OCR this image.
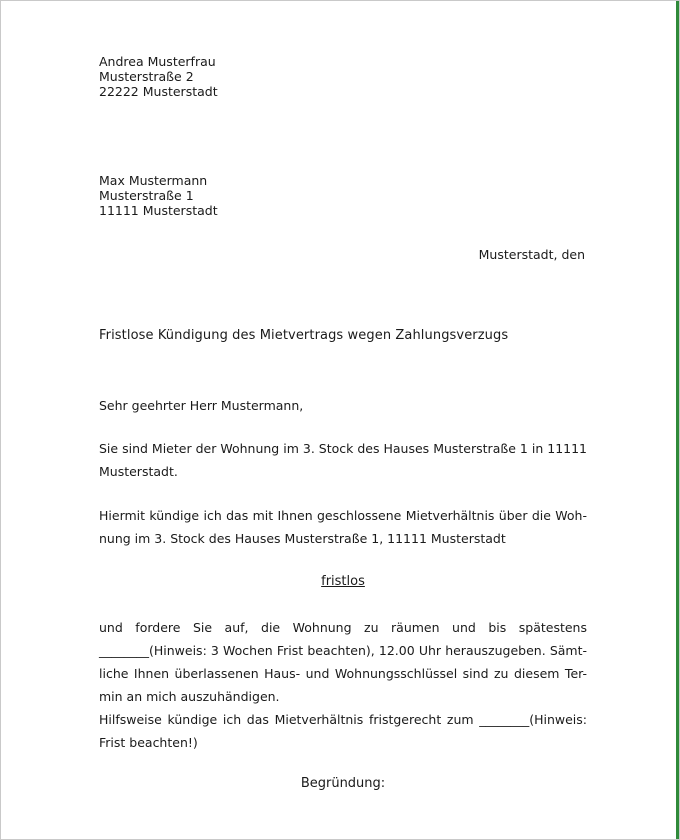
Andrea Musterfrau
Musterstraße 2
22222 Musterstadt
Max Mustermann
Musterstraße 1
11111 Musterstadt
Musterstadt, den
Fristlose Kündigung des Mietvertrags wegen Zahlungsverzugs
Sehr geehrter Herr Mustermann,
Sie sind Mieter der Wohnung im 3. Stock des Hauses Musterstraße 1 in 11111
Musterstadt.
Hiermit kündige ich das mit Ihnen geschlossene Mietverhältnis über die Woh-
nung im 3. Stock des Hauses Musterstraße 1, 11111 Musterstadt
fristlos
und fordere Sie auf, die Wohnung zu räumen und bis spätestens
________(Hinweis: 3 Wochen Frist beachten), 12.00 Uhr herauszugeben. Sämt-
liche Ihnen überlassenen Haus- und Wohnungsschlüssel sind zu diesem Ter-
min an mich auszuhändigen.
Hilfsweise kündige ich das Mietverhältnis fristgerecht zum ________(Hinweis:
Frist beachten!)
Begründung:
